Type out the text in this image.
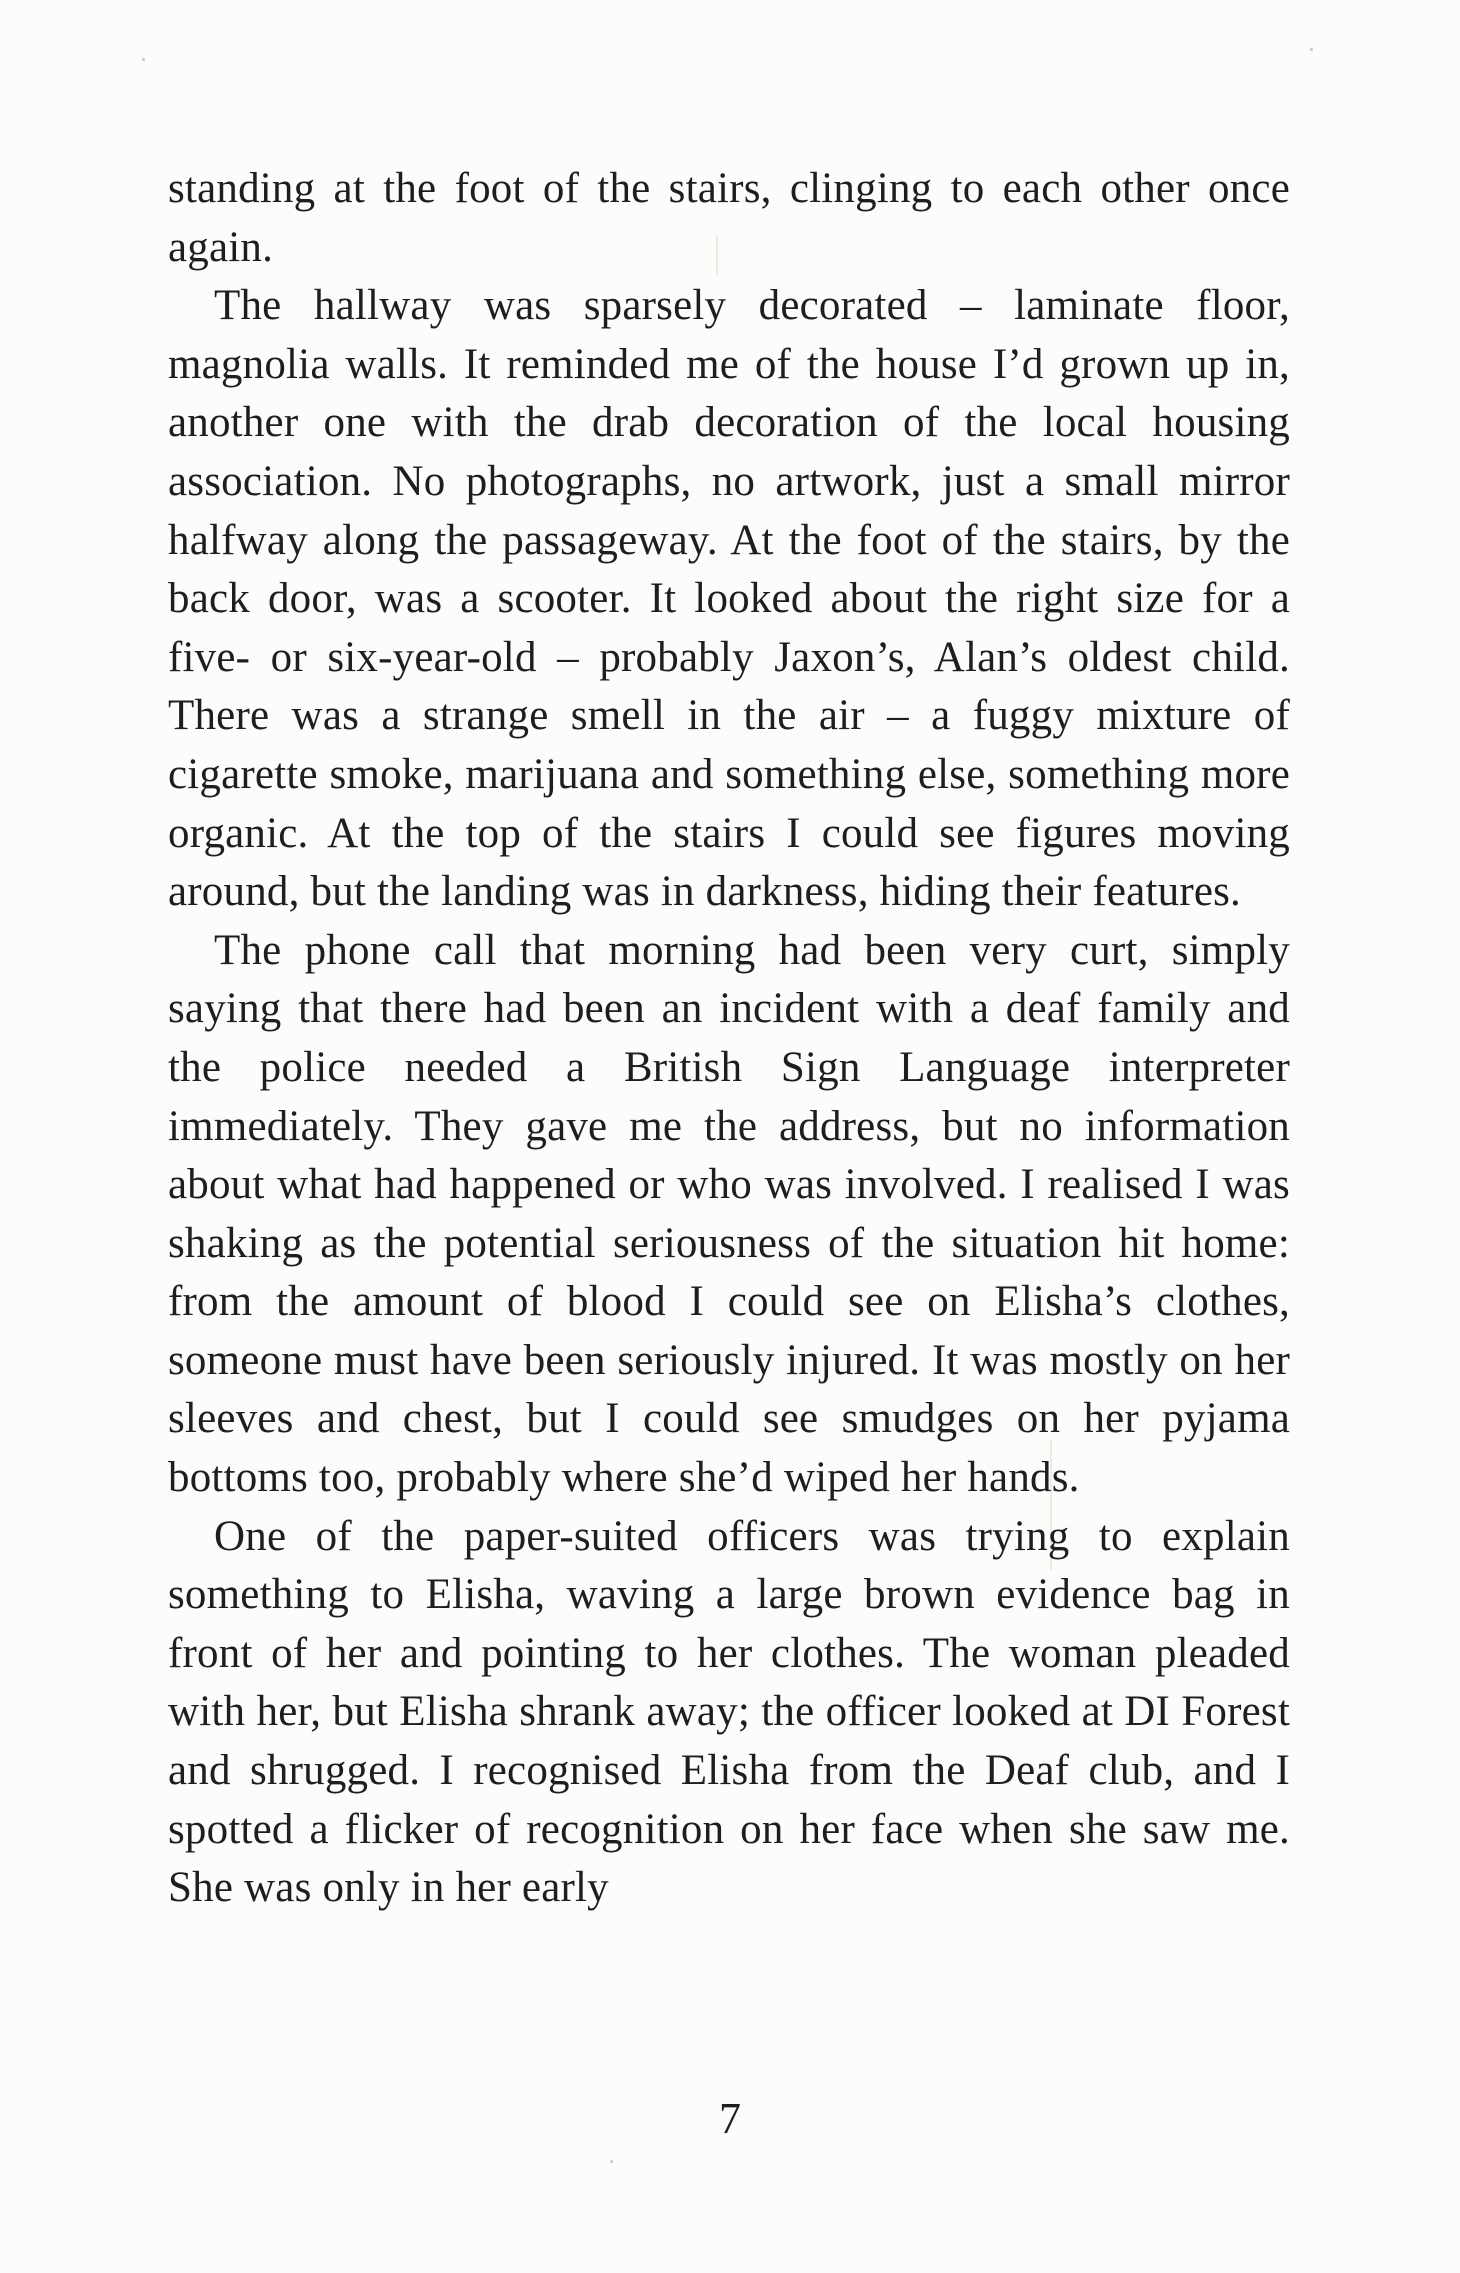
standing at the foot of the stairs, clinging to each other once again.

The hallway was sparsely decorated – laminate floor, magnolia walls. It reminded me of the house I’d grown up in, another one with the drab decoration of the local housing association. No photographs, no artwork, just a small mirror halfway along the passageway. At the foot of the stairs, by the back door, was a scooter. It looked about the right size for a five- or six-year-old – probably Jaxon’s, Alan’s oldest child. There was a strange smell in the air – a fuggy mixture of cigarette smoke, marijuana and something else, something more organic. At the top of the stairs I could see figures moving around, but the landing was in darkness, hiding their features.

The phone call that morning had been very curt, simply saying that there had been an incident with a deaf family and the police needed a British Sign Language interpreter immediately. They gave me the address, but no information about what had happened or who was involved. I realised I was shaking as the potential seriousness of the situation hit home: from the amount of blood I could see on Elisha’s clothes, someone must have been seriously injured. It was mostly on her sleeves and chest, but I could see smudges on her pyjama bottoms too, probably where she’d wiped her hands.

One of the paper-suited officers was trying to explain something to Elisha, waving a large brown evidence bag in front of her and pointing to her clothes. The woman pleaded with her, but Elisha shrank away; the officer looked at DI Forest and shrugged. I recognised Elisha from the Deaf club, and I spotted a flicker of recognition on her face when she saw me. She was only in her early

7
